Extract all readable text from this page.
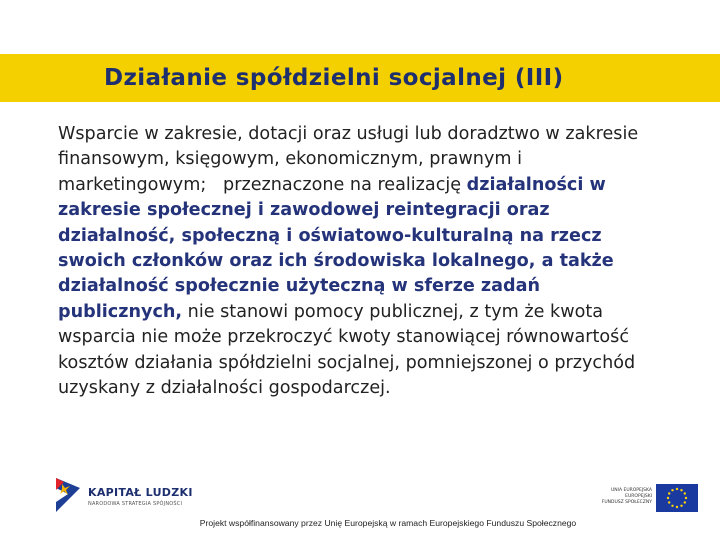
Działanie spółdzielni socjalnej (III)
Wsparcie w zakresie, dotacji oraz usługi lub doradztwo w zakresie finansowym, księgowym, ekonomicznym, prawnym i marketingowym;   przeznaczone na realizację działalności w zakresie społecznej i zawodowej reintegracji oraz działalność, społeczną i oświatowo-kulturalną na rzecz swoich członków oraz ich środowiska lokalnego, a także działalność społecznie użyteczną w sferze zadań publicznych, nie stanowi pomocy publicznej, z tym że kwota wsparcia nie może przekroczyć kwoty stanowiącej równowartość kosztów działania spółdzielni socjalnej, pomniejszonej o przychód uzyskany z działalności gospodarczej.
KAPITAŁ LUDZKI
NARODOWA STRATEGIA SPÓJNOŚCI
UNIA EUROPEJSKA
EUROPEJSKI
FUNDUSZ SPOŁECZNY
Projekt współfinansowany przez Unię Europejską w ramach Europejskiego Funduszu Społecznego
